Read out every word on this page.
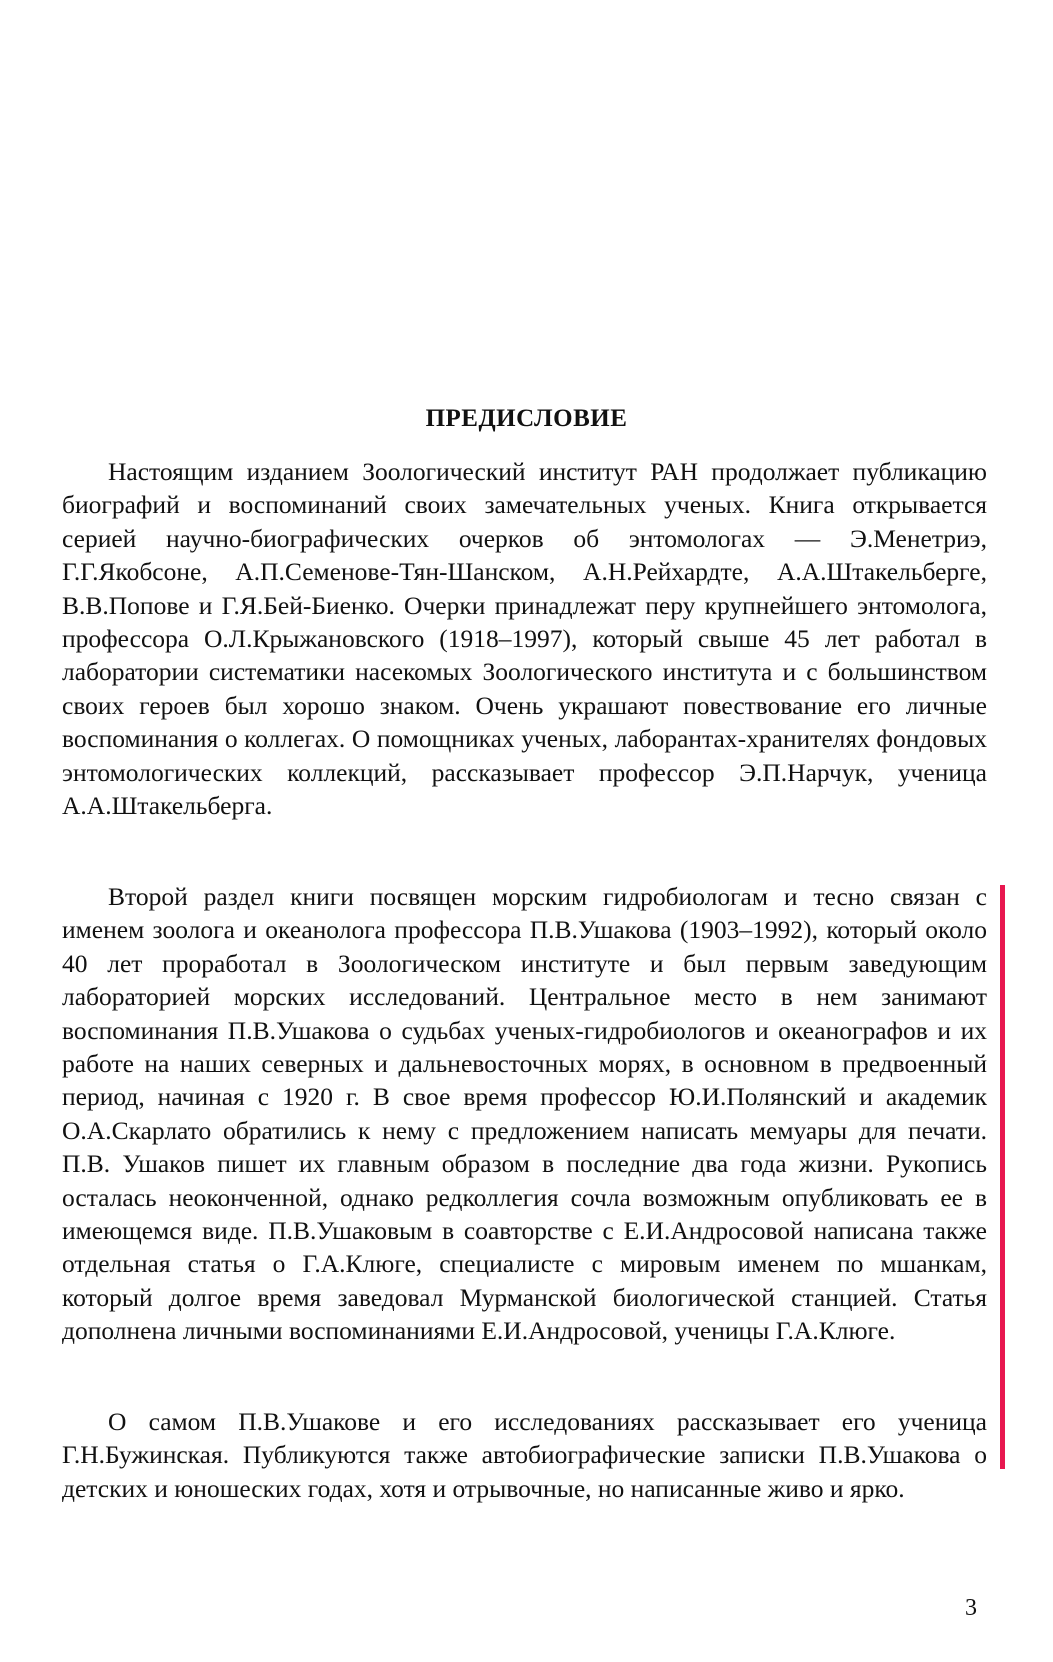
ПРЕДИСЛОВИЕ

Настоящим изданием Зоологический институт РАН продолжает публикацию биографий и воспоминаний своих замечательных ученых. Книга открывается серией научно-биографических очерков об энтомологах — Э.Менетриэ, Г.Г.Якобсоне, А.П.Семенове-Тян-Шанском, А.Н.Рейхардте, А.А.Штакельберге, В.В.Попове и Г.Я.Бей-Биенко. Очерки принадлежат перу крупнейшего энтомолога, профессора О.Л.Крыжановского (1918–1997), который свыше 45 лет работал в лаборатории систематики насекомых Зоологического института и с большинством своих героев был хорошо знаком. Очень украшают повествование его личные воспоминания о коллегах. О помощниках ученых, лаборантах-хранителях фондовых энтомологических коллекций, рассказывает профессор Э.П.Нарчук, ученица А.А.Штакельберга.

Второй раздел книги посвящен морским гидробиологам и тесно связан с именем зоолога и океанолога профессора П.В.Ушакова (1903–1992), который около 40 лет проработал в Зоологическом институте и был первым заведующим лабораторией морских исследований. Центральное место в нем занимают воспоминания П.В.Ушакова о судьбах ученых-гидробиологов и океанографов и их работе на наших северных и дальневосточных морях, в основном в предвоенный период, начиная с 1920 г. В свое время профессор Ю.И.Полянский и академик О.А.Скарлато обратились к нему с предложением написать мемуары для печати. П.В. Ушаков пишет их главным образом в последние два года жизни. Рукопись осталась неоконченной, однако редколлегия сочла возможным опубликовать ее в имеющемся виде. П.В.Ушаковым в соавторстве с Е.И.Андросовой написана также отдельная статья о Г.А.Клюге, специалисте с мировым именем по мшанкам, который долгое время заведовал Мурманской биологической станцией. Статья дополнена личными воспоминаниями Е.И.Андросовой, ученицы Г.А.Клюге.

О самом П.В.Ушакове и его исследованиях рассказывает его ученица Г.Н.Бужинская. Публикуются также автобиографические записки П.В.Ушакова о детских и юношеских годах, хотя и отрывочные, но написанные живо и ярко.

3
